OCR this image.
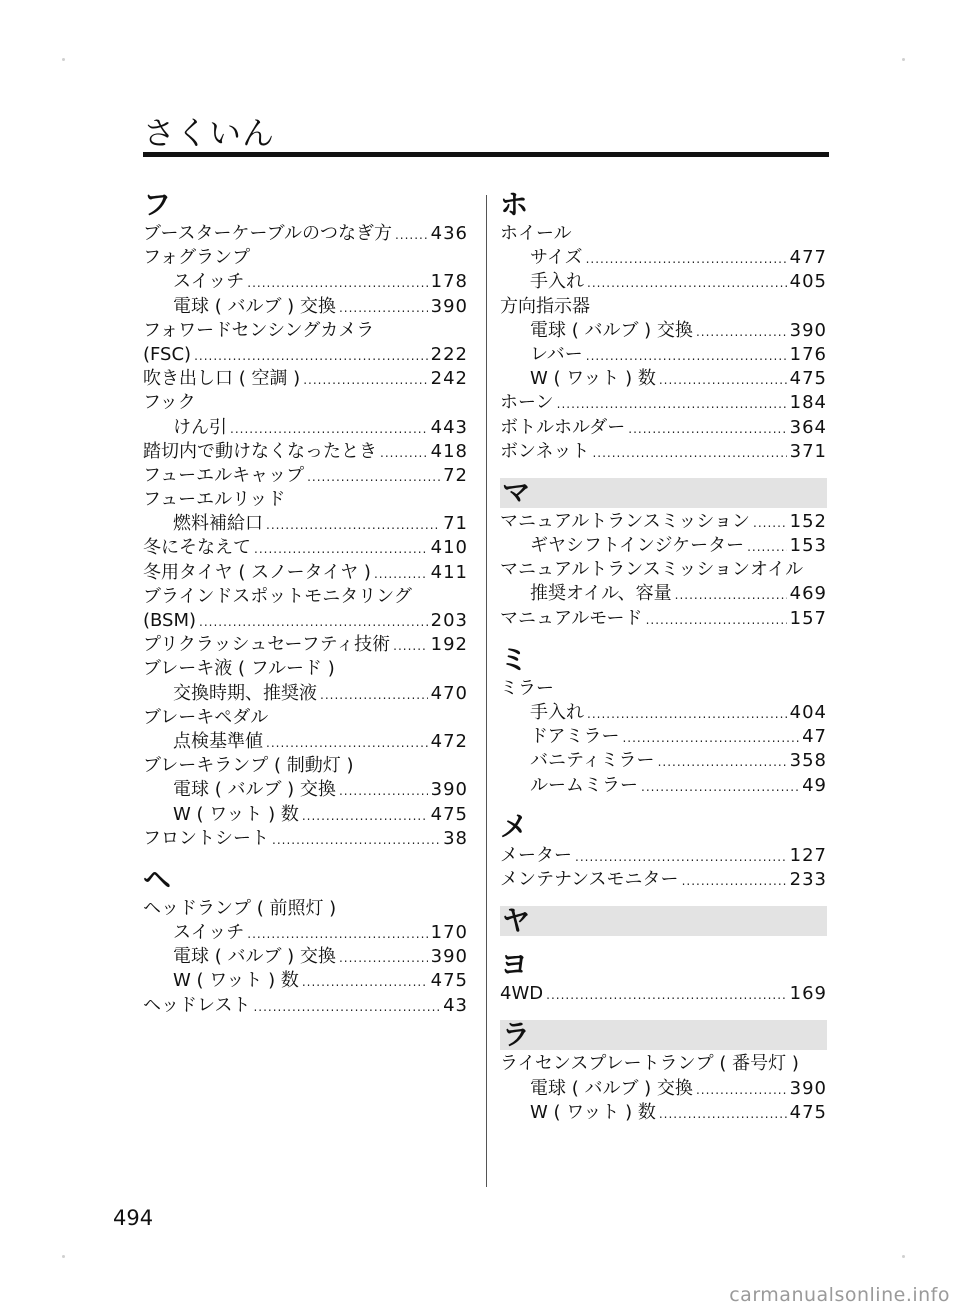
さくいん
フ
ブースターケーブルのつなぎ方 ..... 436
フォグランプ
スイッチ .....	178
電球 ( バルブ ) 交換 .....	390
フォワードセンシングカメラ
(FSC) .....	222
吹き出し口 ( 空調 ) .....	242
フック
けん引 .....	443
踏切内で動けなくなったとき .....	418
フューエルキャップ .....	72
フューエルリッド
燃料補給口 .....	71
冬にそなえて .....	410
冬用タイヤ ( スノータイヤ ) .....	411
ブラインドスポットモニタリング
(BSM) .....	203
プリクラッシュセーフティ技術 ..... 192
ブレーキ液 ( フルード )
交換時期、推奨液 .....	470
ブレーキペダル
点検基準値 .....	472
ブレーキランプ ( 制動灯 )
電球 ( バルブ ) 交換 .....	390
W ( ワット ) 数 .....	475
フロントシート .....	38
ヘ
ヘッドランプ ( 前照灯 )
スイッチ .....	170
電球 ( バルブ ) 交換 .....	390
W ( ワット ) 数 .....	475
ヘッドレスト .....	43
ホ
ホイール
サイズ .....	477
手入れ .....	405
方向指示器
電球 ( バルブ ) 交換 .....	390
レバー .....	176
W ( ワット ) 数 .....	475
ホーン .....	184
ボトルホルダー .....	364
ボンネット .....	371
マ
マニュアルトランスミッション ..... 152
ギヤシフトインジケーター .....	153
マニュアルトランスミッションオイル
推奨オイル、容量 .....	469
マニュアルモード .....	157
ミ
ミラー
手入れ .....	404
ドアミラー .....	47
バニティミラー .....	358
ルームミラー .....	49
メ
メーター .....	127
メンテナンスモニター .....	233
ヤ
ヨ
4WD .....	169
ラ
ライセンスプレートランプ ( 番号灯 )
電球 ( バルブ ) 交換 .....	390
W ( ワット ) 数 .....	475
494
carmanualsonline.info
